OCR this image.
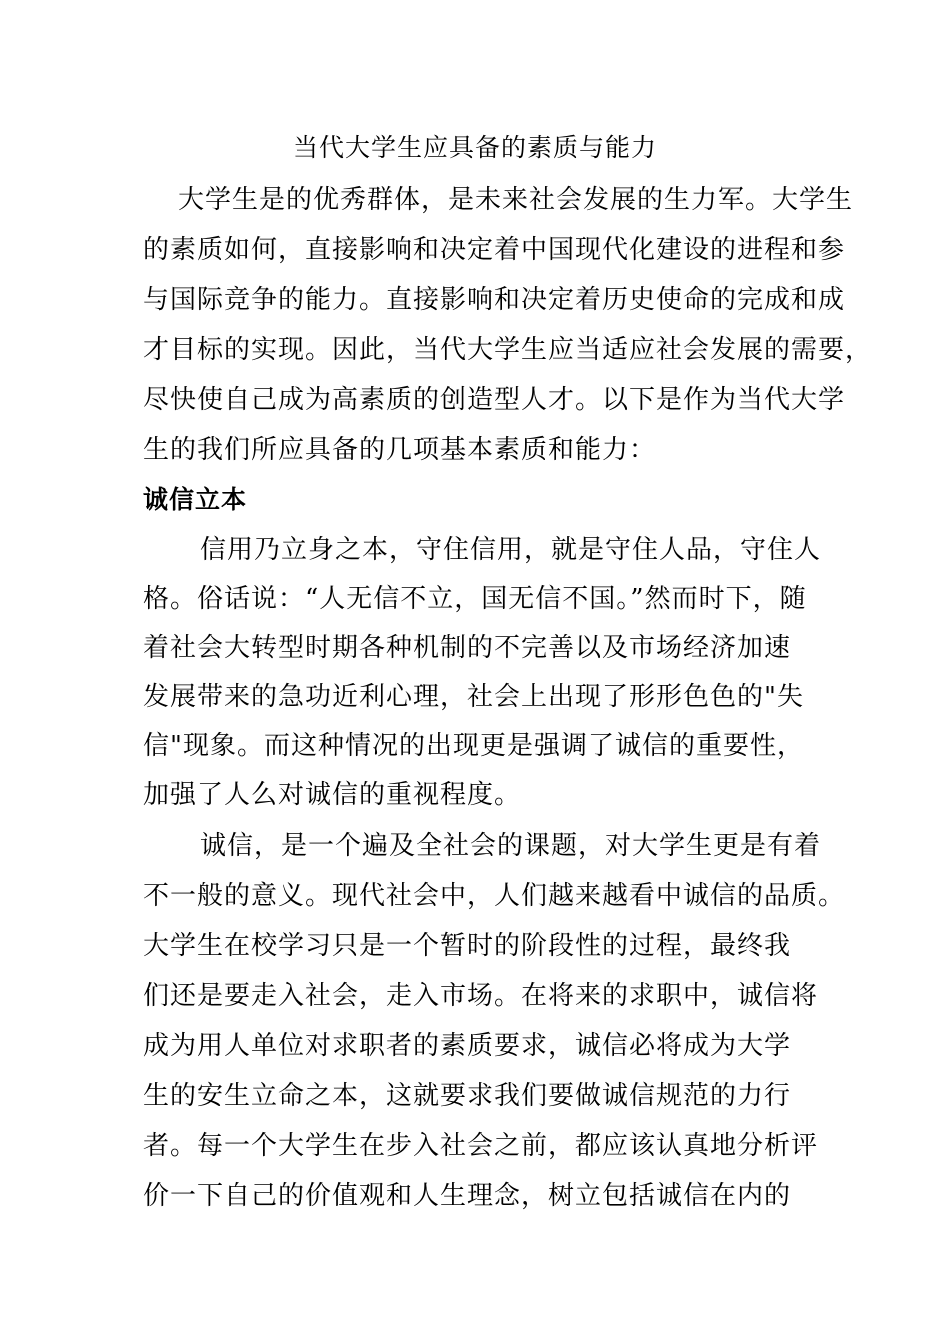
当代大学生应具备的素质与能力
大学生是的优秀群体，是未来社会发展的生力军。大学生
的素质如何，直接影响和决定着中国现代化建设的进程和参
与国际竞争的能力。直接影响和决定着历史使命的完成和成
才目标的实现。因此，当代大学生应当适应社会发展的需要，
尽快使自己成为高素质的创造型人才。以下是作为当代大学
生的我们所应具备的几项基本素质和能力：
诚信立本
信用乃立身之本，守住信用，就是守住人品，守住人
格。俗话说：“人无信不立，国无信不国。”然而时下，随
着社会大转型时期各种机制的不完善以及市场经济加速
发展带来的急功近利心理，社会上出现了形形色色的"失
信"现象。而这种情况的出现更是强调了诚信的重要性，
加强了人么对诚信的重视程度。
诚信，是一个遍及全社会的课题，对大学生更是有着
不一般的意义。现代社会中，人们越来越看中诚信的品质。
大学生在校学习只是一个暂时的阶段性的过程，最终我
们还是要走入社会，走入市场。在将来的求职中，诚信将
成为用人单位对求职者的素质要求，诚信必将成为大学
生的安生立命之本，这就要求我们要做诚信规范的力行
者。每一个大学生在步入社会之前，都应该认真地分析评
价一下自己的价值观和人生理念，树立包括诚信在内的
